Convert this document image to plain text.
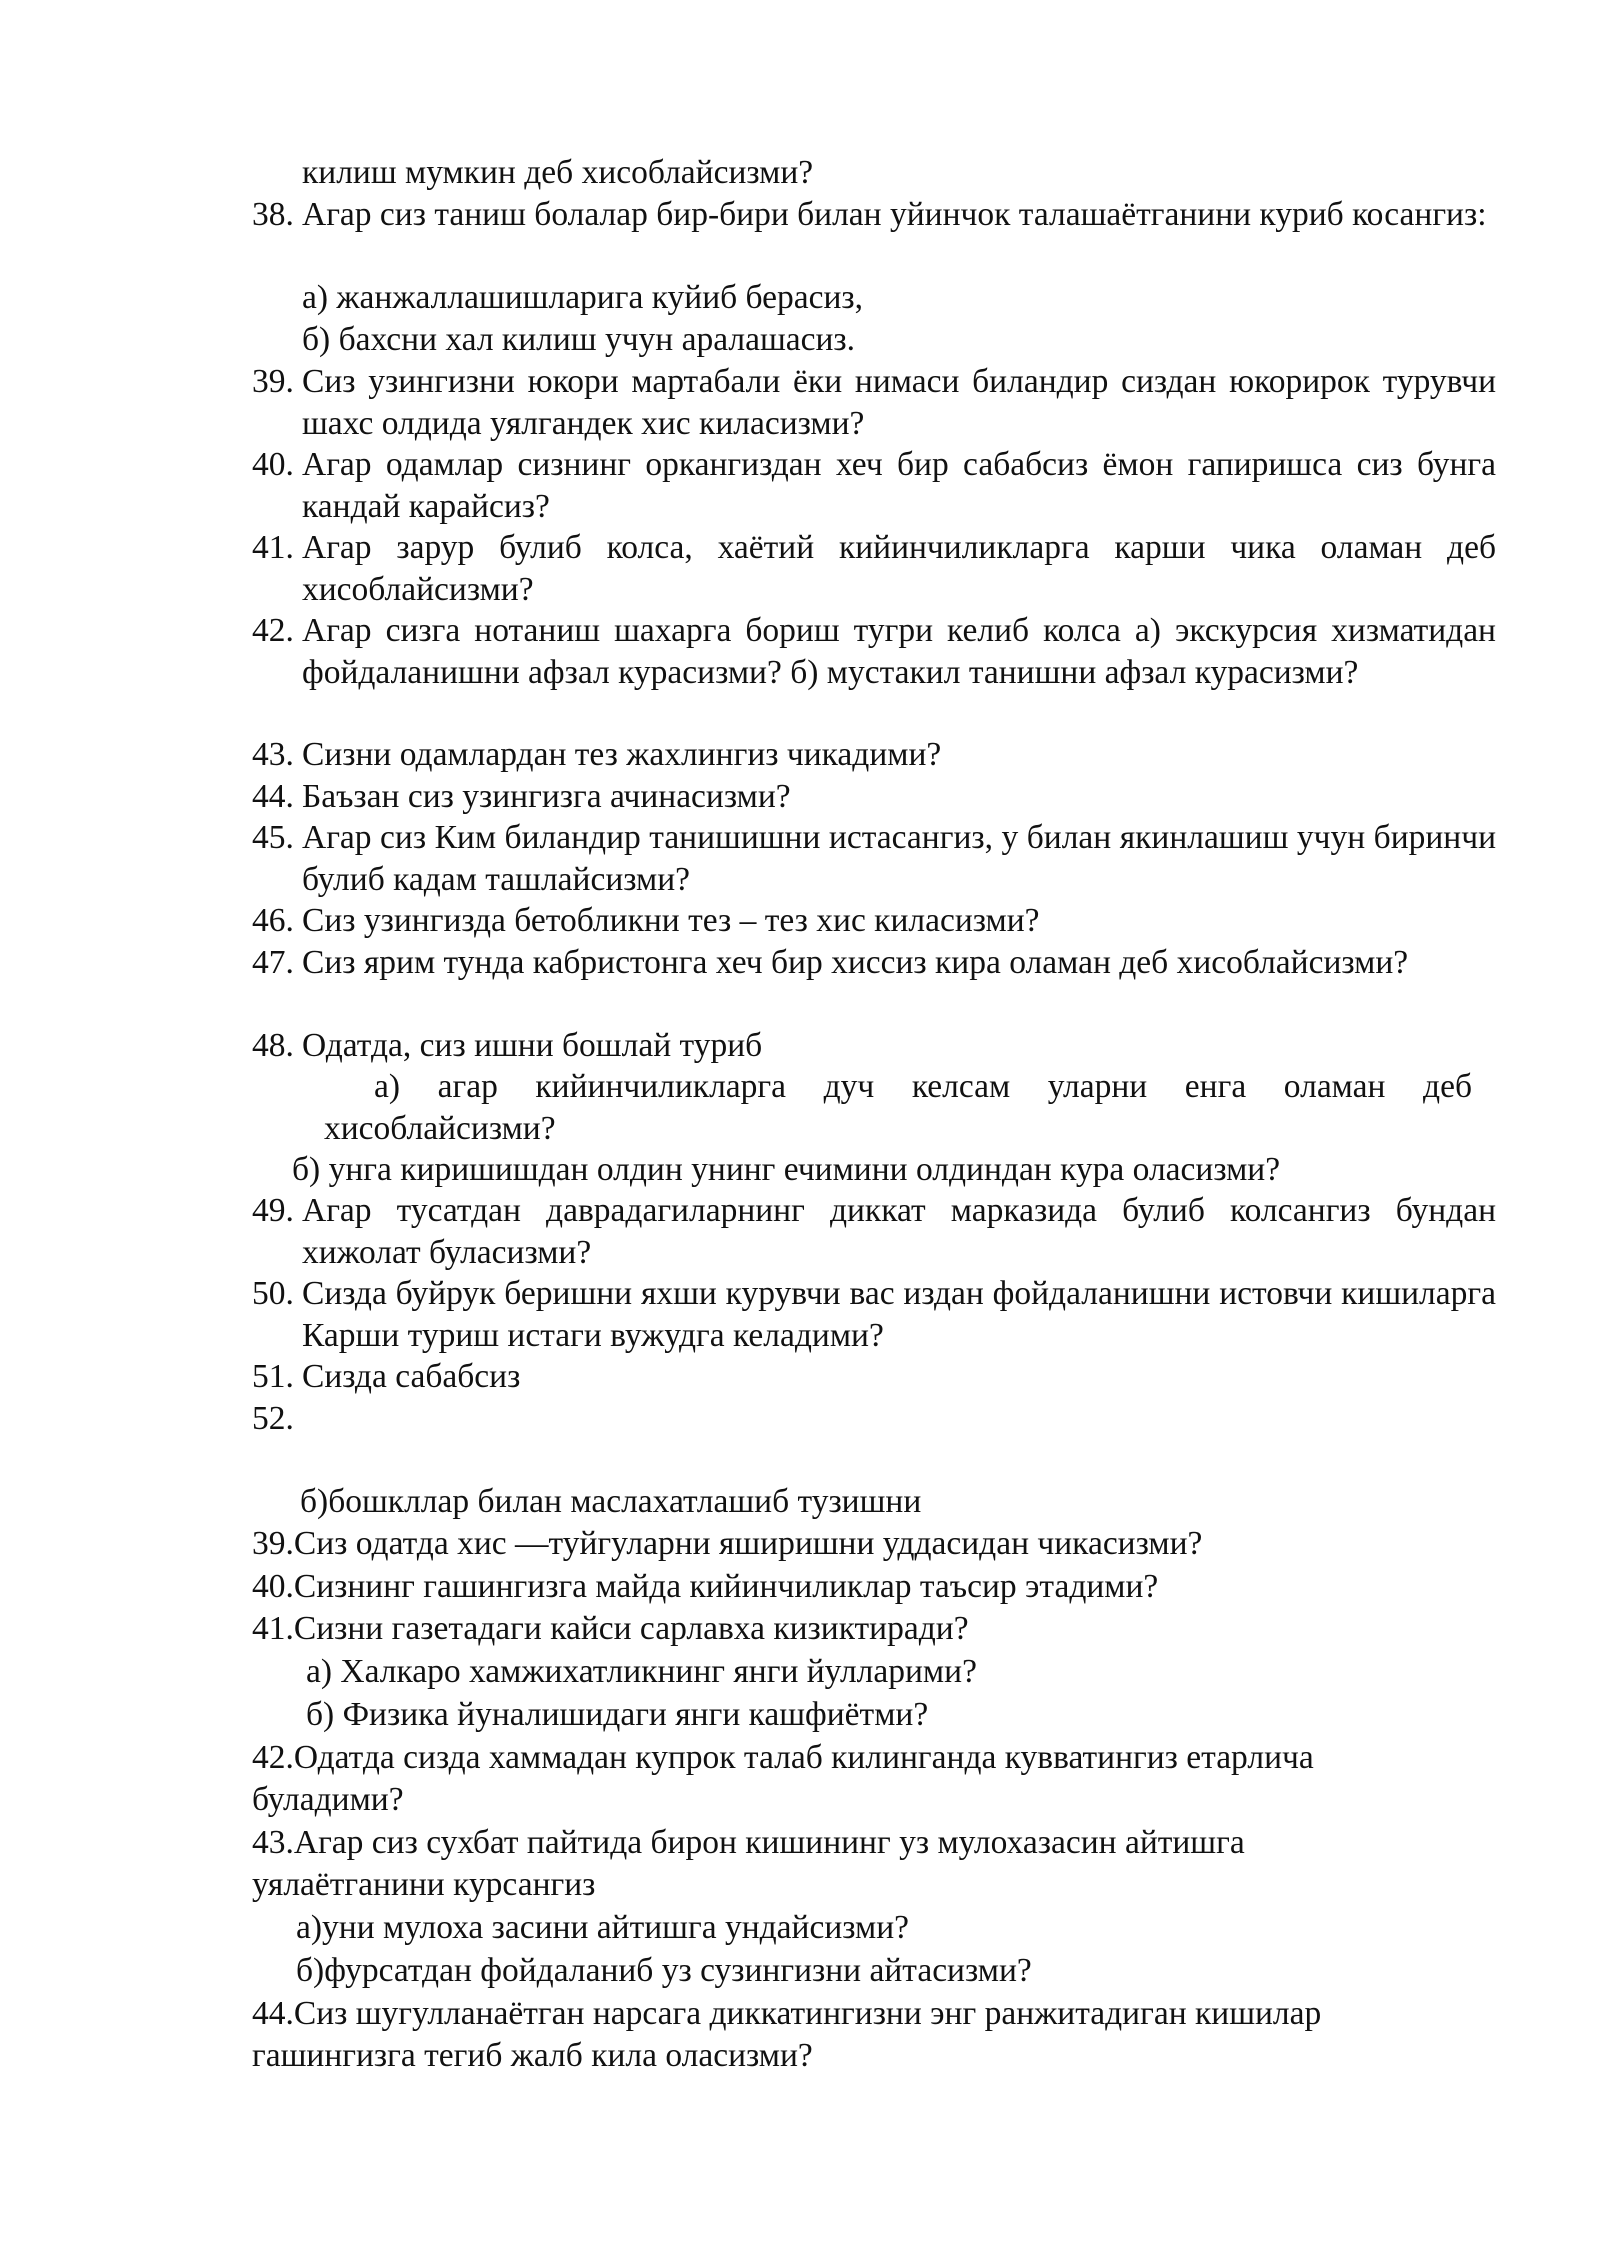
килиш мумкин деб хисоблайсизми?
38. Агар сиз таниш болалар бир-бири билан уйинчок талашаётганини куриб косангиз:
а) жанжаллашишларига куйиб берасиз,
б) бахсни хал килиш учун аралашасиз.
39. Сиз узингизни юкори мартабали ёки нимаси биландир сиздан юкорирок турувчи шахс олдида уялгандек хис киласизми?
40. Агар одамлар сизнинг оркангиздан хеч бир сабабсиз ёмон гапиришса сиз бунга кандай карайсиз?
41. Агар зарур булиб колса, хаётий кийинчиликларга карши чика оламан деб хисоблайсизми?
42. Агар сизга нотаниш шахарга бориш тугри келиб колса а) экскурсия хизматидан фойдаланишни афзал курасизми? б) мустакил танишни афзал курасизми?
43. Сизни одамлардан тез жахлингиз чикадими?
44. Баъзан сиз узингизга ачинасизми?
45. Агар сиз Ким биландир танишишни истасангиз, у билан якинлашиш учун биринчи булиб кадам ташлайсизми?
46. Сиз узингизда бетобликни тез – тез хис киласизми?
47. Сиз ярим тунда кабристонга хеч бир хиссиз кира оламан деб хисоблайсизми?
48. Одатда, сиз ишни бошлай туриб
а) агар кийинчиликларга дуч келсам уларни енга оламан деб хисоблайсизми?
б) унга киришишдан олдин унинг ечимини олдиндан кура оласизми?
49. Агар тусатдан даврадагиларнинг диккат марказида булиб колсангиз бундан хижолат буласизми?
50. Сизда буйрук беришни яхши курувчи вас издан фойдаланишни истовчи кишиларга Карши туриш истаги вужудга келадими?
51. Сизда сабабсиз
52.
б)бошкллар билан маслахатлашиб тузишни
39.Сиз одатда хис —туйгуларни яширишни уддасидан чикасизми?
40.Сизнинг гашингизга майда кийинчиликлар таъсир этадими?
41.Сизни газетадаги кайси сарлавха кизиктиради?
а) Халкаро хамжихатликнинг янги йулларими?
б) Физика йуналишидаги янги кашфиётми?
42.Одатда сизда хаммадан купрок талаб килинганда кувватингиз етарлича
буладими?
43.Агар сиз сухбат пайтида бирон кишининг уз мулохазасин айтишга
уялаётганини курсангиз
а)уни мулоха засини айтишга ундайсизми?
б)фурсатдан фойдаланиб уз сузингизни айтасизми?
44.Сиз шугулланаётган нарсага диккатингизни энг ранжитадиган кишилар
гашингизга тегиб жалб кила оласизми?
